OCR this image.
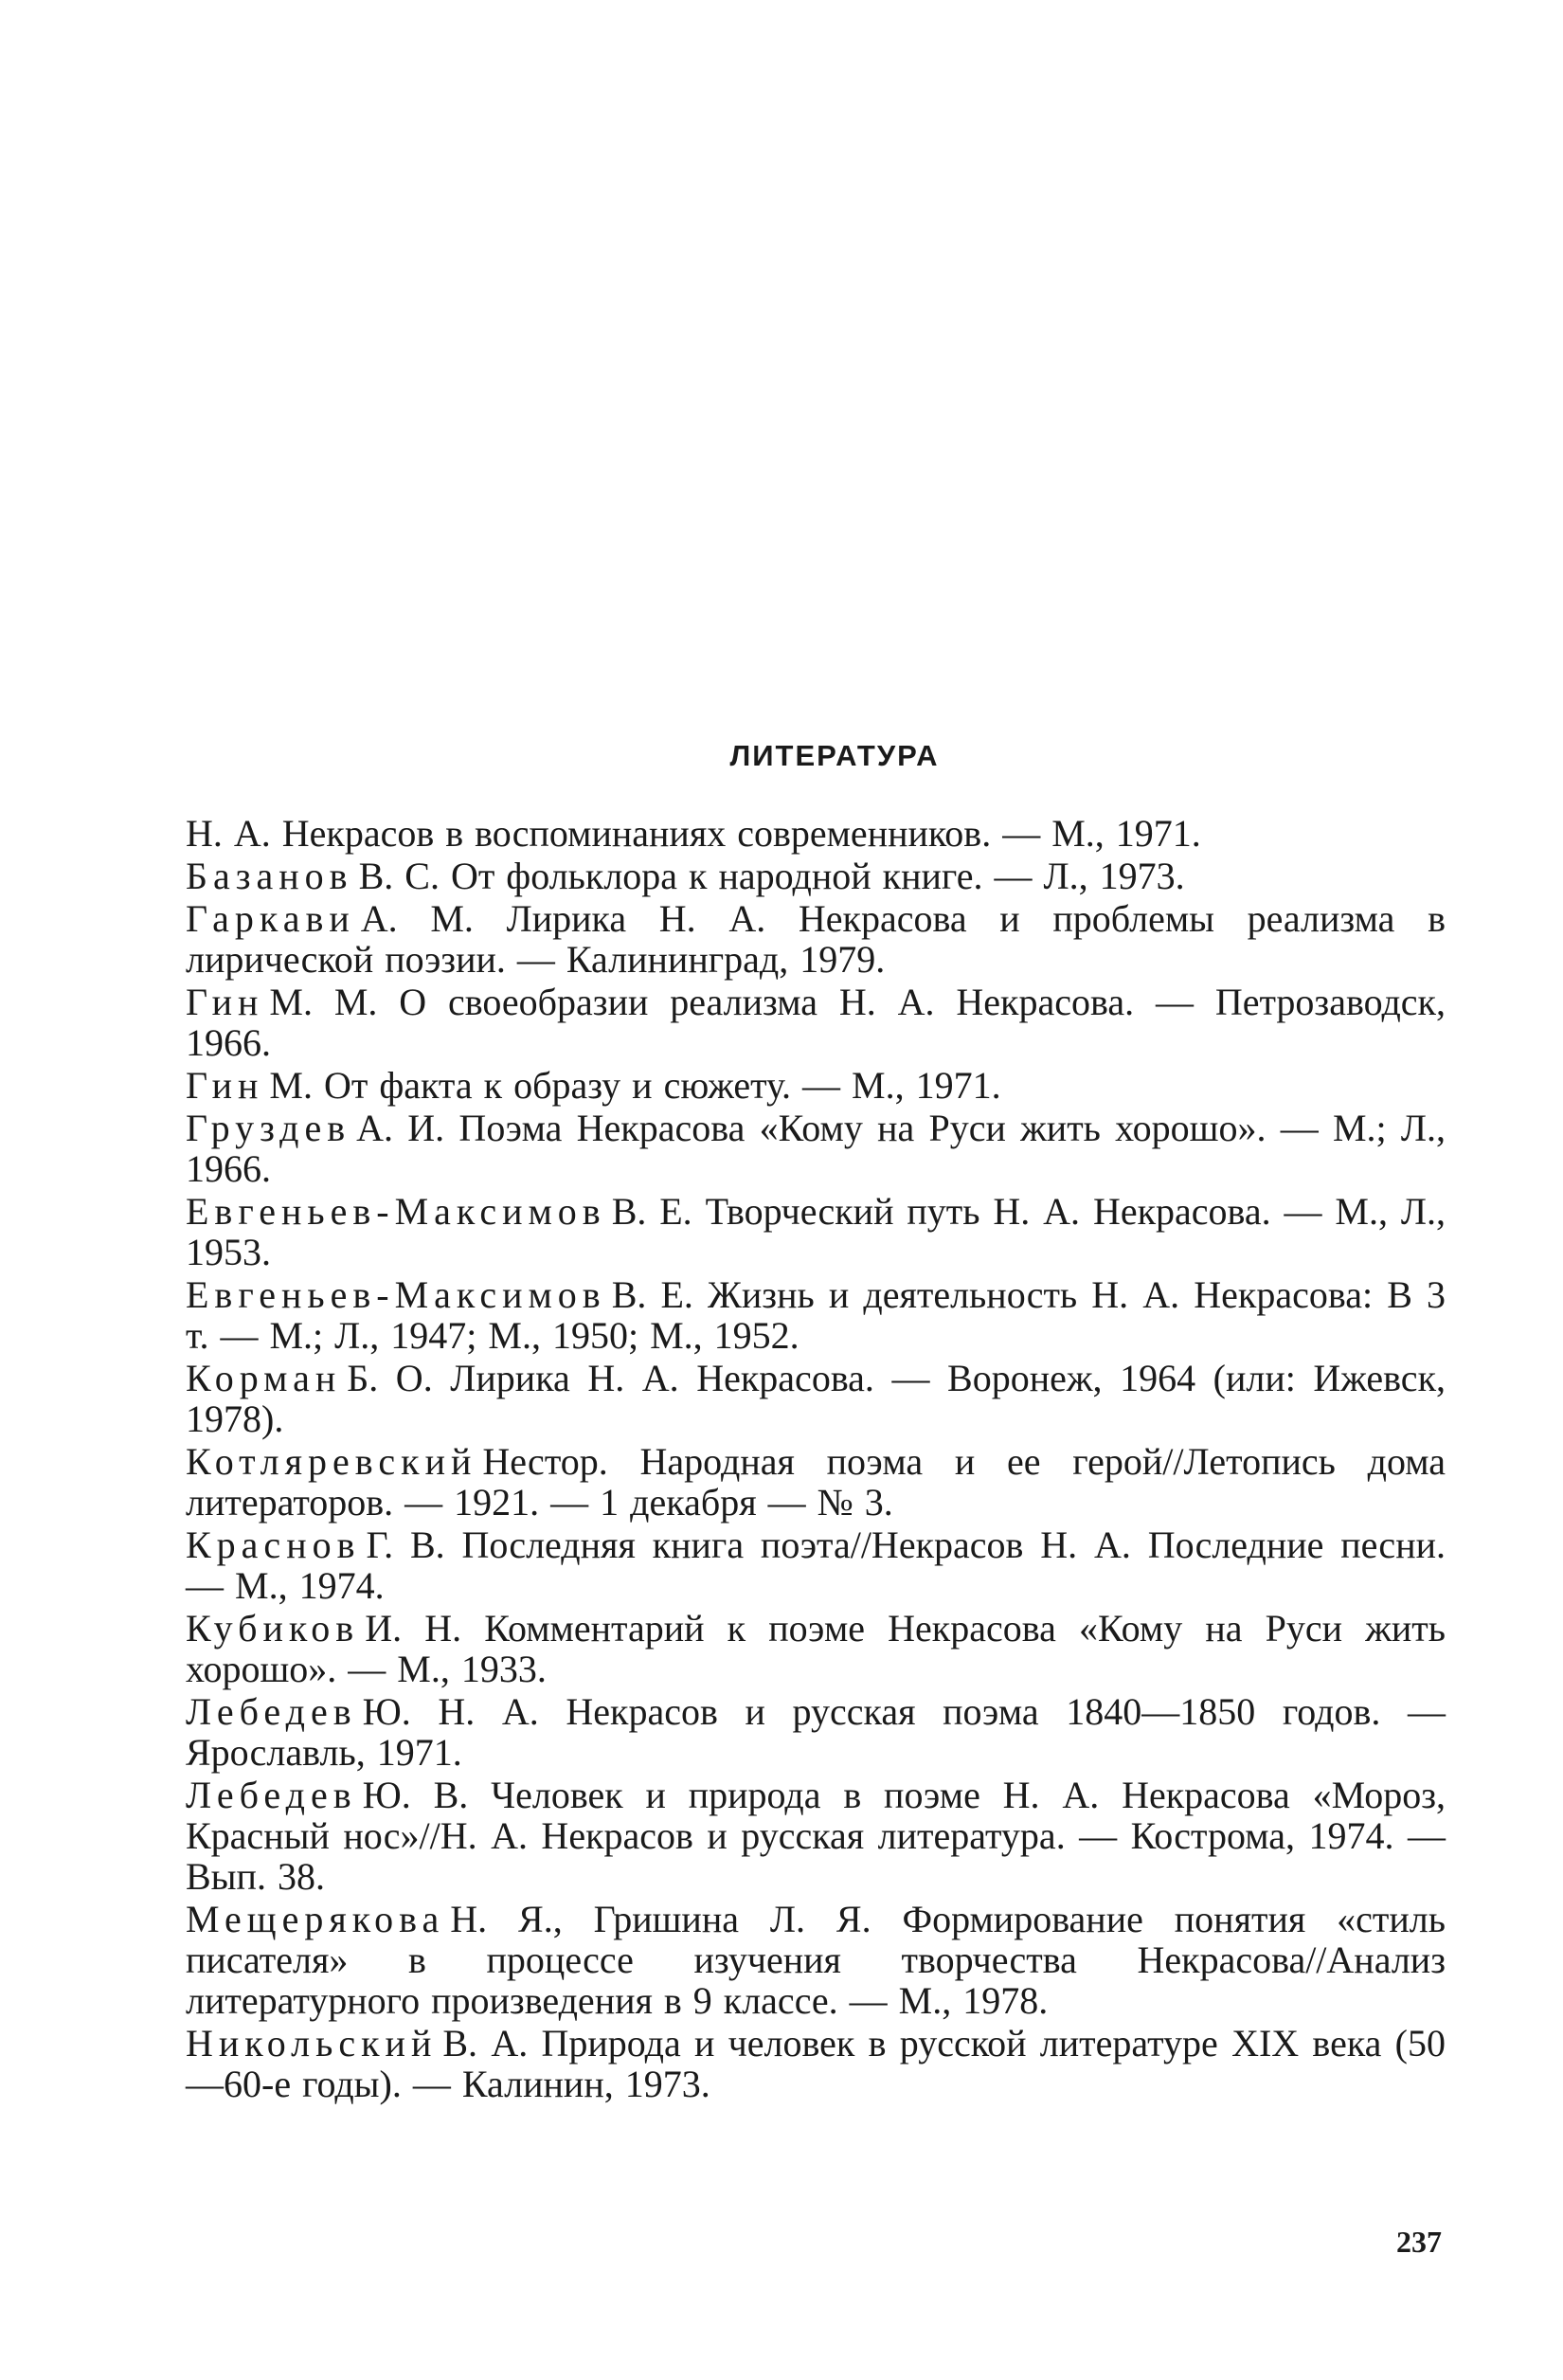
ЛИТЕРАТУРА
Н. А. Некрасов в воспоминаниях современников. — М., 1971.
Базанов В. С. От фольклора к народной книге. — Л., 1973.
Гаркави А. М. Лирика Н. А. Некрасова и проблемы реализма в лирической поэзии. — Калининград, 1979.
Гин М. М. О своеобразии реализма Н. А. Некрасова. — Петрозаводск, 1966.
Гин М. От факта к образу и сюжету. — М., 1971.
Груздев А. И. Поэма Некрасова «Кому на Руси жить хорошо». — М.; Л., 1966.
Евгеньев-Максимов В. Е. Творческий путь Н. А. Некрасова. — М., Л., 1953.
Евгеньев-Максимов В. Е. Жизнь и деятельность Н. А. Некрасова: В 3 т. — М.; Л., 1947; М., 1950; М., 1952.
Корман Б. О. Лирика Н. А. Некрасова. — Воронеж, 1964 (или: Ижевск, 1978).
Котляревский Нестор. Народная поэма и ее герой//Летопись дома литераторов. — 1921. — 1 декабря — № 3.
Краснов Г. В. Последняя книга поэта//Некрасов Н. А. Последние песни. — М., 1974.
Кубиков И. Н. Комментарий к поэме Некрасова «Кому на Руси жить хорошо». — М., 1933.
Лебедев Ю. Н. А. Некрасов и русская поэма 1840—1850 годов. — Ярославль, 1971.
Лебедев Ю. В. Человек и природа в поэме Н. А. Некрасова «Мороз, Красный нос»//Н. А. Некрасов и русская литература. — Кострома, 1974. — Вып. 38.
Мещерякова Н. Я., Гришина Л. Я. Формирование понятия «стиль писателя» в процессе изучения творчества Некрасова//Анализ литературного произведения в 9 классе. — М., 1978.
Никольский В. А. Природа и человек в русской литературе XIX века (50—60-е годы). — Калинин, 1973.
237
